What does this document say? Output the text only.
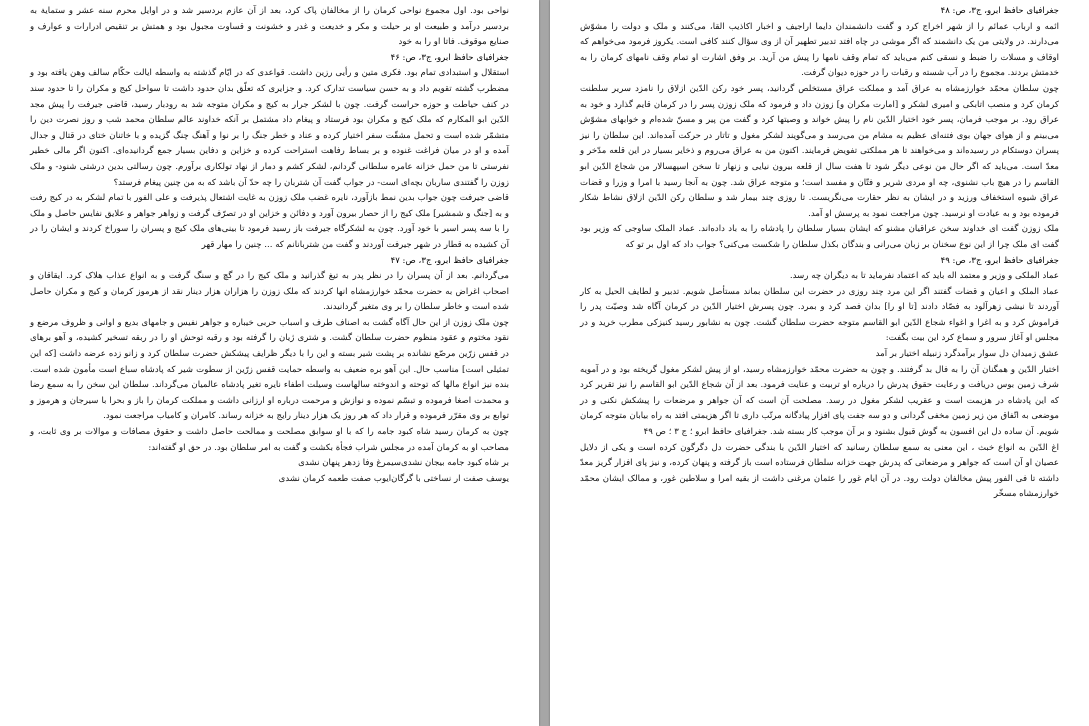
نواحی بود. اول مجموع نواحی کرمان را از مخالفان پاک کرد، بعد از آن عازم بردسیر شد و در اوایل محرم سنه عشر و ستمایة به بردسیر درآمد و طبیعت او بر حیلت و مکر و خدیعت و غدر و خشونت و قساوت مجبول بود و همتش بر تنقیص ادرارات و عوارف و صنایع موقوف. فاتا او را به خود

جغرافیای حافظ ابرو، ج۳، ص: ۴۶

استقلال و استبدادی تمام بود. فکری متین و رأیی رزین داشت. قواعدی که در ایّام گذشته به واسطه ایالت حکّام سالف وهن یافته بود و مضطرب گشته تقویم داد و به حسن سیاست تدارک کرد. و جزایری که تعلّق بدان حدود داشت تا سواحل کیج و مکران را تا حدود سند در کنف حیاطت و حوزه حراست گرفت. چون با لشکر جرار به کیج و مکران متوجه شد به رودبار رسید، قاضی جیرفت را پیش مجد الدّین ابو المکارم که ملک کیج و مکران بود فرستاد و پیغام داد مشتمل بر آنکه خداوند عالم سلطان محمد شب و روز نصرت دین را متشمّر شده است و تحمل مشقّت سفر اختیار کرده و عناد و خطر جنگ را بر نوا و آهنگ چنگ گزیده و با خاتنان ختای در قتال و جدال آمده و او در میان فراغت غنوده و بر بساط رفاهت استراحت کرده و خزاین و دفاین بسیار جمع گردانیده‌ای. اکنون اگر مالی خطیر نفرستی تا من حمل خزانه عامره سلطانی گردانم، لشکر کشم و دمار از نهاد تولکاری برآورم. چون رسالتی بدین درشتی شنود- و ملک زوزن را گفتندی ساربان بچه‌ای است- در جواب گفت آن شتربان را چه حدّ آن باشد که به من چنین پیغام فرستد؟

قاضی جیرفت چون جواب بدین نمط بازآورد، نایره غضب ملک زوزن به غایت اشتعال پذیرفت و علی الفور با تمام لشکر به در کیج رفت و به [جنگ و شمشیر] ملک کیج را از حصار بیرون آورد و دفائن و خزاین او در تصرّف گرفت و زواهر جواهر و علایق نفایس حاصل و ملک را با سه پسر اسیر با خود آورد. چون به لشکرگاه جیرفت باز رسید فرمود تا بینی‌های ملک کیج و پسران را سوراخ کردند و ایشان را در آن کشیده به قطار در شهر جیرفت آوردند و گفت من شتربانانم که ... چنین را مهار قهر

جغرافیای حافظ ابرو، ج۳، ص: ۴۷

می‌گردانم. بعد از آن پسران را در نظر پدر به تیغ گذرانید و ملک کیج را در گچ و سنگ گرفت و به انواع عذاب هلاک کرد. ایقاقان و اصحاب اغراض به حضرت محمّد خوارزمشاه انها کردند که ملک زوزن را هزاران هزار دینار نقد از هرموز کرمان و کیج و مکران حاصل شده است و خاطر سلطان را بر وی متغیر گردانیدند.

چون ملک زوزن از این حال آگاه گشت به اصناف طرف و اسباب حربی خیباره و جواهر نفیس و جامهای بدیع و اوانی و ظروف مرضع و نقود مختوم و عقود منظوم حضرت سلطان گشت. و شتری ژیان را گرفته بود و رقبه توحش او را در ربقه تسخیر کشیده، و آهو برهای در قفس زرّین مرصّع نشانده بر پشت شیر بسته و این را با دیگر ظرایف پیشکش حضرت سلطان کرد و زانو زده عرضه داشت [که این تمثیلی است] مناسب حال. این آهو بره ضعیف به واسطه حمایت قفس زرّین از سطوت شیر که پادشاه سباع است مأمون شده است. بنده نیز انواع مالها که توحته و اندوخته سالهاست وسیلت اطفاء نایره تغیر پادشاه عالمیان می‌گرداند. سلطان این سخن را به سمع رضا و محمدت اصغا فرموده و تبسّم نموده و نوازش و مرحمت درباره او ارزانی داشت و مملکت کرمان را باز و بحرا با سیرجان و هرموز و توابع بر وی مقرّر فرموده و قرار داد که هر روز یک هزار دینار رایج به خزانه رساند. کامران و کامیاب مراجعت نمود.

چون به کرمان رسید شاه کبود جامه را که با او سوابق مصلحت و ممالحت حاصل داشت و حقوق مصافات و موالات بر وی ثابت، و مصاحب او به کرمان آمده در مجلس شراب فجأة بکشت و گفت به امر سلطان بود. در حق او گفته‌اند:

بر شاه کبود جامه بیجان نشدی‌سیمرغ وفا زدهر پنهان نشدی

یوسف صفت ار نساختی با گرگان‌ایوب صفت طعمه کرمان نشدی

جغرافیای حافظ ابرو، ج۳، ص: ۴۸

ائمه و ارباب عمائم را از شهر اخراج کرد و گفت دانشمندان دایما اراجیف و اخبار اکاذیب القا، می‌کنند و ملک و دولت را مشوّش می‌دارند. در ولایتی من یک دانشمند که اگر موشی در چاه افتد تدبیر تطهیر آن از وی سؤال کنند کافی است. یکروز فرمود می‌خواهم که اوقاف و مسلات را ضبط و نسقی کنم می‌باید که تمام وقف نامها را پیش من آرید. بر وفق اشارت او تمام وقف نامهای کرمان را به خدمتش بردند. مجموع را در آب شسته و رقبات را در حوزه دیوان گرفت.

چون سلطان محمّد خوارزمشاه به عراق آمد و مملکت عراق مستخلص گردانید، پسر خود رکن الدّین ازلاق را نامزد سریر سلطنت کرمان کرد و منصب اتابکی و امیری لشکر و [امارت مکران و] زوزن داد و فرمود که ملک زوزن پسر را در کرمان قایم گذارد و خود به عراق رود. بر موجب فرمان، پسر خود اختیار الدّین نام را پیش خواند و وصیتها کرد و گفت من پیر و مسنّ شده‌ام و خوابهای مشوّش می‌بینم و از هوای جهان بوی فتنه‌ای عظیم به مشام من می‌رسد و می‌گویند لشکر مغول و تاتار در حرکت آمده‌اند. این سلطان را نیز پسران دوستکام در رسیده‌اند و می‌خواهند تا هر مملکتی تفویض فرمایند. اکنون من به عراق می‌روم و ذخایر بسیار در این قلعه مدّخر و معدّ است. می‌باید که اگر حال من نوعی دیگر شود تا هفت سال از قلعه بیرون نیایی و زنهار تا سخن اسپهسالار من شجاع الدّین ابو القاسم را در هیچ باب نشنوی، چه او مردی شریر و فتّان و مفسد است؛ و متوجه عراق شد. چون به آنجا رسید با امرا و وزرا و قضات عراق شیوه استخفاف ورزید و در ایشان به نظر حقارت می‌نگریست. تا روزی چند بیمار شد و سلطان رکن الدّین ازلاق نشاط شکار فرموده بود و به عیادت او نرسید. چون مراجعت نمود به پرسش او آمد.

ملک زوزن گفت ای خداوند سخن عراقیان مشنو که ایشان بسیار سلطان را پادشاه را به باد داده‌اند. عماد الملک ساوجی که وزیر بود گفت ای ملک چرا از این نوع سخنان بر زبان می‌رانی و بندگان بکذل سلطان را شکست می‌کنی؟ جواب داد که اول بر تو که

جغرافیای حافظ ابرو، ج۳، ص: ۴۹

عماد الملکی و وزیر و معتمد اله باید که اعتماد نفرماید تا به دیگران چه رسد.

عماد الملک و اعیان و قضات گفتند اگر این مرد چند روزی در حضرت این سلطان بماند مستأصل شویم. تدبیر و لطایف الحیل به کار آوردند تا نیشی زهرآلود به فصّاد دادند [تا او را] بدان فصد کرد و بمرد. چون پسرش اختیار الدّین در کرمان آگاه شد وصیّت پدر را فراموش کرد و به اغرا و اغواء شجاع الدّین ابو القاسم متوجه حضرت سلطان گشت. چون به نشابور رسید کنیزکی مطرب خرید و در مجلس او آغاز سرور و سماع کرد این بیت بگفت:

عشق زمیدان دل سوار برآمدگرد زنبیله اختیار بر آمد

اختیار الدّین و همگنان آن را به فال بد گرفتند. و چون به حضرت محمّد خوارزمشاه رسید، او از پیش لشکر مغول گریخته بود و در آمویه شرف زمین بوس دریافت و رعایت حقوق پدرش را درباره او تربیت و عنایت فرمود. بعد از آن شجاع الدّین ابو القاسم را نیز تقریر کرد که این پادشاه در هزیمت است و عقریب لشکر مغول در رسد. مصلحت آن است که آن جواهر و مرضعات را پیشکش نکنی و در موضعی به اتّفاق من زیر زمین مخفی گردانی و دو سه جفت پای افزار پیادگانه مرتّب داری تا اگر هزیمتی افتد به راه بیابان متوجه کرمان شویم. آن ساده دل این افسون به گوش قبول بشنود و بر آن موجب کار بسته شد. جغرافیای حافظ ابرو ؛ ج ۳ ؛ ص ۴۹

اغ الدّین به انواع خبث ، این معنی به سمع سلطان رسانید که اختیار الدّین با بندگی حضرت دل دگرگون کرده است و یکی از دلایل عصیان او آن است که جواهر و مرضعاتی که پدرش جهت خزانه سلطان فرستاده است باز گرفته و پنهان کرده، و نیز پای افزار گریز معدّ داشته تا فی الفور پیش مخالفان دولت رود. در آن ایام غور را عثمان مرغنی داشت از بقیه امرا و سلاطین غور، و ممالک ایشان محمّد خوارزمشاه مسخّر
